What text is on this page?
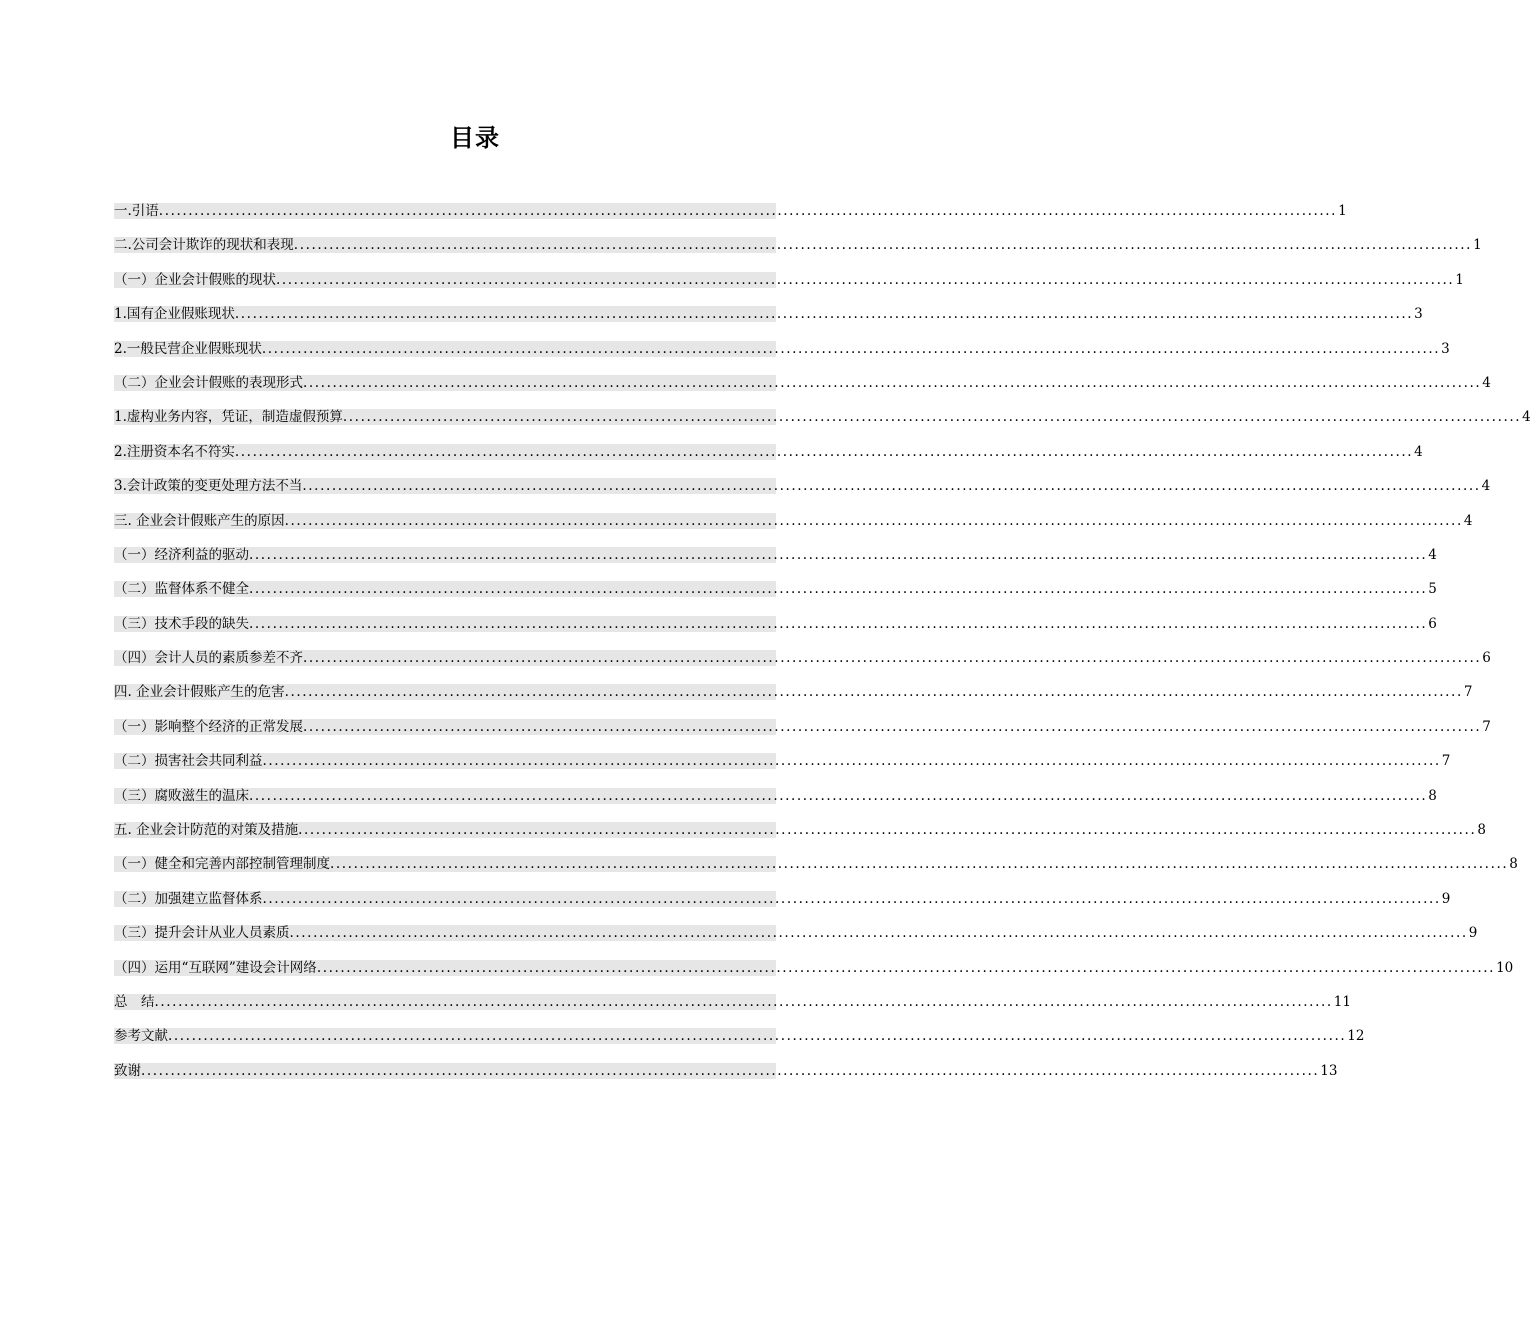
目录
一.引语 ........................................................................................................................................................................................................ 1
二.公司会计欺诈的现状和表现 ........................................................................................................................................................................................................ 1
（一）企业会计假账的现状 ........................................................................................................................................................................................................ 1
1.国有企业假账现状 ........................................................................................................................................................................................................ 3
2.一般民营企业假账现状 ........................................................................................................................................................................................................ 3
（二）企业会计假账的表现形式 ........................................................................................................................................................................................................ 4
1.虚构业务内容，凭证，制造虚假预算 ........................................................................................................................................................................................................ 4
2.注册资本名不符实 ........................................................................................................................................................................................................ 4
3.会计政策的变更处理方法不当 ........................................................................................................................................................................................................ 4
三. 企业会计假账产生的原因 ........................................................................................................................................................................................................ 4
（一）经济利益的驱动 ........................................................................................................................................................................................................ 4
（二）监督体系不健全 ........................................................................................................................................................................................................ 5
（三）技术手段的缺失 ........................................................................................................................................................................................................ 6
（四）会计人员的素质参差不齐 ........................................................................................................................................................................................................ 6
四. 企业会计假账产生的危害 ........................................................................................................................................................................................................ 7
（一）影响整个经济的正常发展 ........................................................................................................................................................................................................ 7
（二）损害社会共同利益 ........................................................................................................................................................................................................ 7
（三）腐败滋生的温床 ........................................................................................................................................................................................................ 8
五. 企业会计防范的对策及措施 ........................................................................................................................................................................................................ 8
（一）健全和完善内部控制管理制度 ........................................................................................................................................................................................................ 8
（二）加强建立监督体系 ........................................................................................................................................................................................................ 9
（三）提升会计从业人员素质 ........................................................................................................................................................................................................ 9
（四）运用“互联网”建设会计网络 ........................................................................................................................................................................................................ 10
总　结 ........................................................................................................................................................................................................ 11
参考文献 ........................................................................................................................................................................................................ 12
致谢 ........................................................................................................................................................................................................ 13
